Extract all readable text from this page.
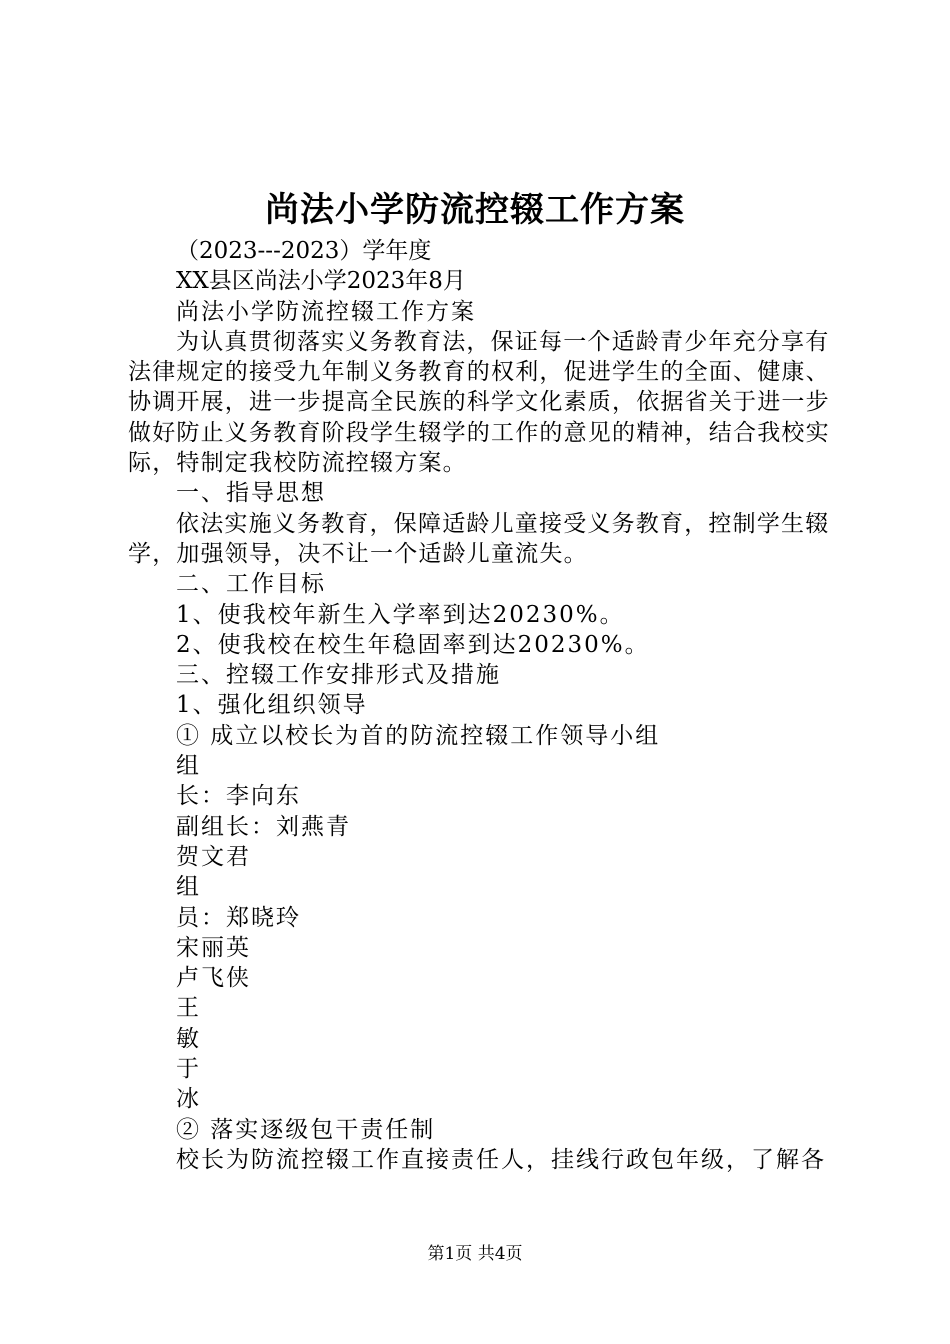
尚法小学防流控辍工作方案

（2023---2023）学年度

XX县区尚法小学2023年8月

尚法小学防流控辍工作方案

为认真贯彻落实义务教育法，保证每一个适龄青少年充分享有法律规定的接受九年制义务教育的权利，促进学生的全面、健康、协调开展，进一步提高全民族的科学文化素质，依据省关于进一步做好防止义务教育阶段学生辍学的工作的意见的精神，结合我校实际，特制定我校防流控辍方案。

一、指导思想

依法实施义务教育，保障适龄儿童接受义务教育，控制学生辍学，加强领导，决不让一个适龄儿童流失。

二、工作目标

1、使我校年新生入学率到达20230%。

2、使我校在校生年稳固率到达20230%。

三、控辍工作安排形式及措施

1、强化组织领导

① 成立以校长为首的防流控辍工作领导小组

组

长：李向东

副组长：刘燕青

贺文君

组

员：郑晓玲

宋丽英

卢飞侠

王

敏

于

冰

② 落实逐级包干责任制

校长为防流控辍工作直接责任人，挂线行政包年级，了解各

第1页 共4页
